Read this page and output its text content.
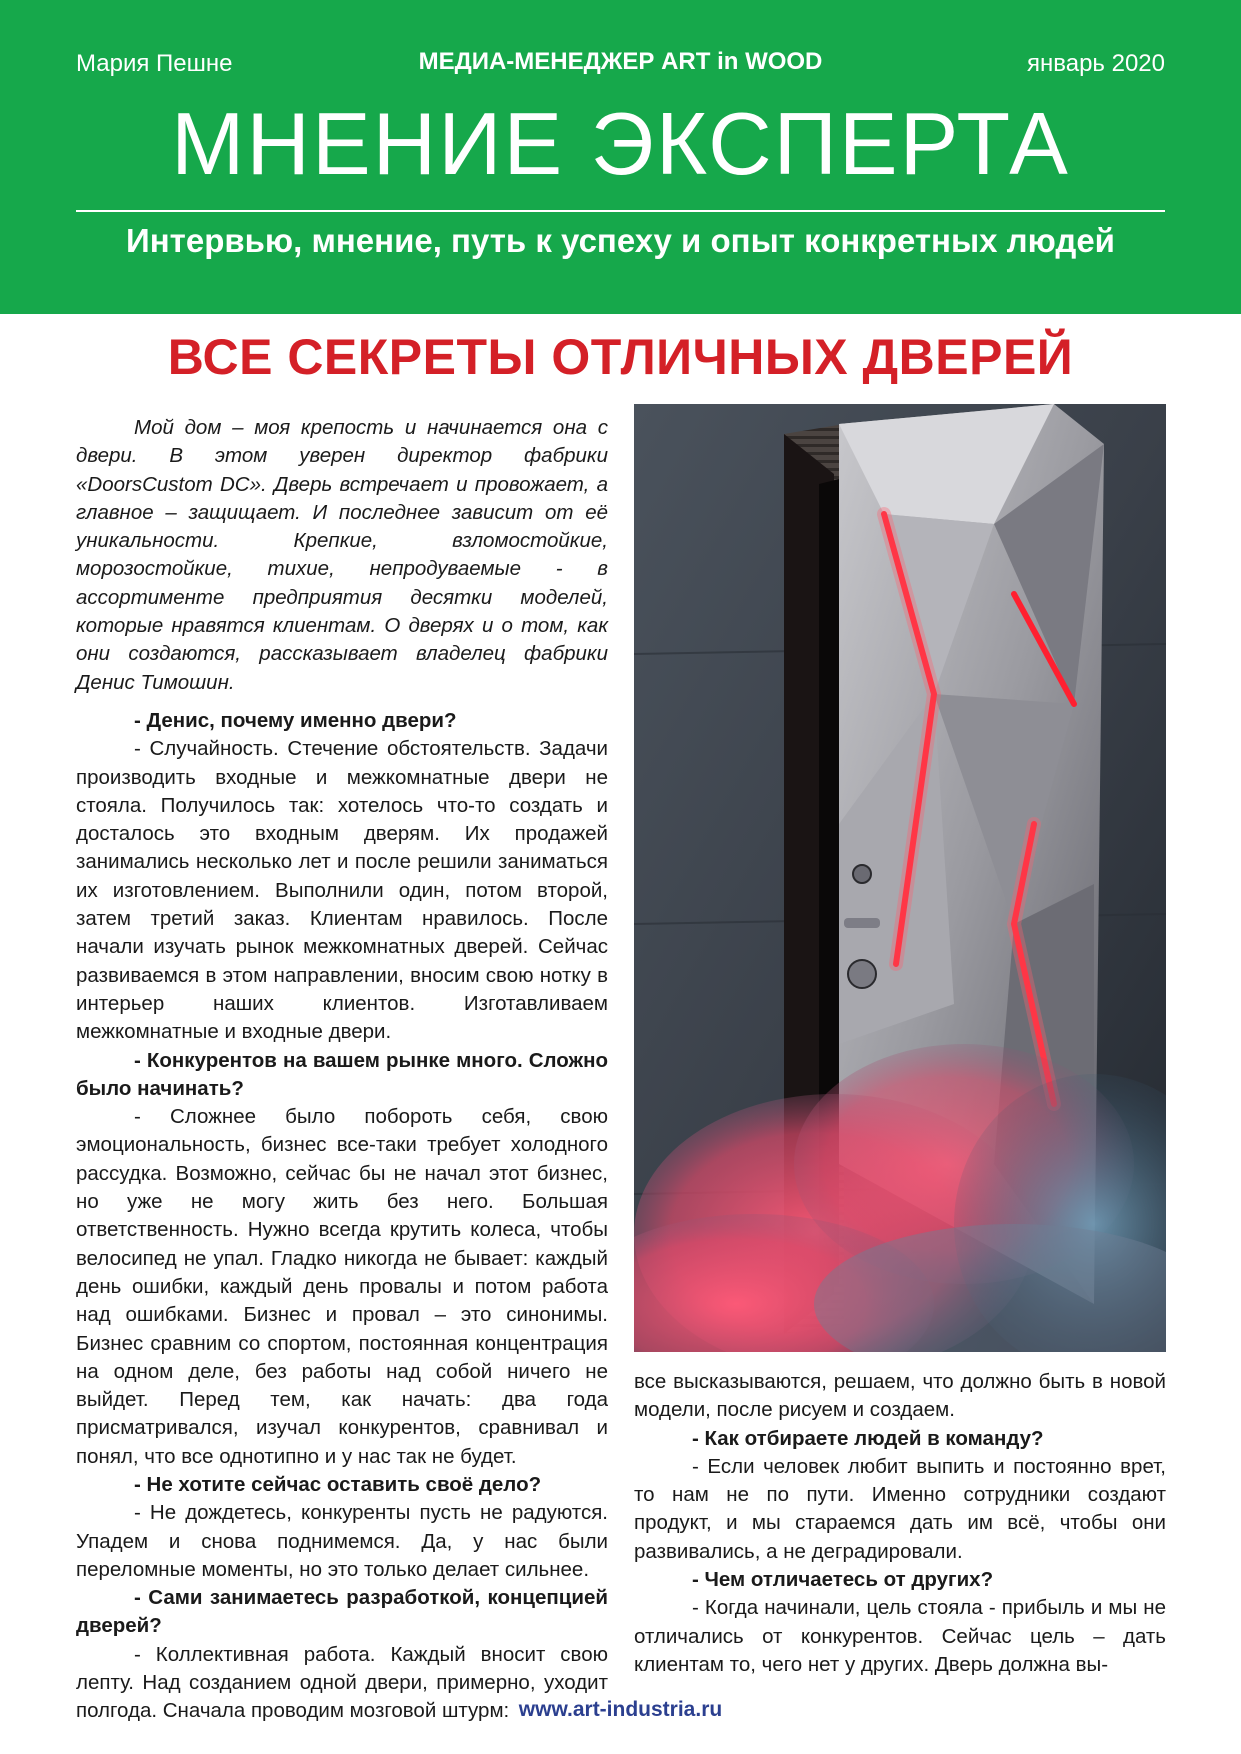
МЕДИА-МЕНЕДЖЕР ART in WOOD
Мария Пешне	январь 2020
МНЕНИЕ ЭКСПЕРТА
Интервью, мнение, путь к успеху и опыт конкретных людей
ВСЕ СЕКРЕТЫ ОТЛИЧНЫХ ДВЕРЕЙ

Мой дом – моя крепость и начинается она с двери. В этом уверен директор фабрики «DoorsCustom DC». Дверь встречает и провожает, а главное – защищает. И последнее зависит от её уникальности. Крепкие, взломостойкие, морозостойкие, тихие, непродуваемые - в ассортименте предприятия десятки моделей, которые нравятся клиентам. О дверях и о том, как они создаются, рассказывает владелец фабрики Денис Тимошин.

- Денис, почему именно двери?

- Случайность. Стечение обстоятельств. Задачи производить входные и межкомнатные двери не стояла. Получилось так: хотелось что-то создать и досталось это входным дверям. Их продажей занимались несколько лет и после решили заниматься их изготовлением. Выполнили один, потом второй, затем третий заказ. Клиентам нравилось. После начали изучать рынок межкомнатных дверей. Сейчас развиваемся в этом направлении, вносим свою нотку в интерьер наших клиентов. Изготавливаем межкомнатные и входные двери.

- Конкурентов на вашем рынке много. Сложно было начинать?

- Сложнее было побороть себя, свою эмоциональность, бизнес все-таки требует холодного рассудка. Возможно, сейчас бы не начал этот бизнес, но уже не могу жить без него. Большая ответственность. Нужно всегда крутить колеса, чтобы велосипед не упал. Гладко никогда не бывает: каждый день ошибки, каждый день провалы и потом работа над ошибками. Бизнес и провал – это синонимы. Бизнес сравним со спортом, постоянная концентрация на одном деле, без работы над собой ничего не выйдет. Перед тем, как начать: два года присматривался, изучал конкурентов, сравнивал и понял, что все однотипно и у нас так не будет.

- Не хотите сейчас оставить своё дело?

- Не дождетесь, конкуренты пусть не радуются. Упадем и снова поднимемся. Да, у нас были переломные моменты, но это только делает сильнее.

- Сами занимаетесь разработкой, концепцией дверей?

- Коллективная работа. Каждый вносит свою лепту. Над созданием одной двери, примерно, уходит полгода. Сначала проводим мозговой штурм:

все высказываются, решаем, что должно быть в новой модели, после рисуем и создаем.

- Как отбираете людей в команду?

- Если человек любит выпить и постоянно врет, то нам не по пути. Именно сотрудники создают продукт, и мы стараемся дать им всё, чтобы они развивались, а не деградировали.

- Чем отличаетесь от других?

- Когда начинали, цель стояла - прибыль и мы не отличались от конкурентов. Сейчас цель – дать клиентам то, чего нет у других. Дверь должна вы-

www.art-industria.ru
